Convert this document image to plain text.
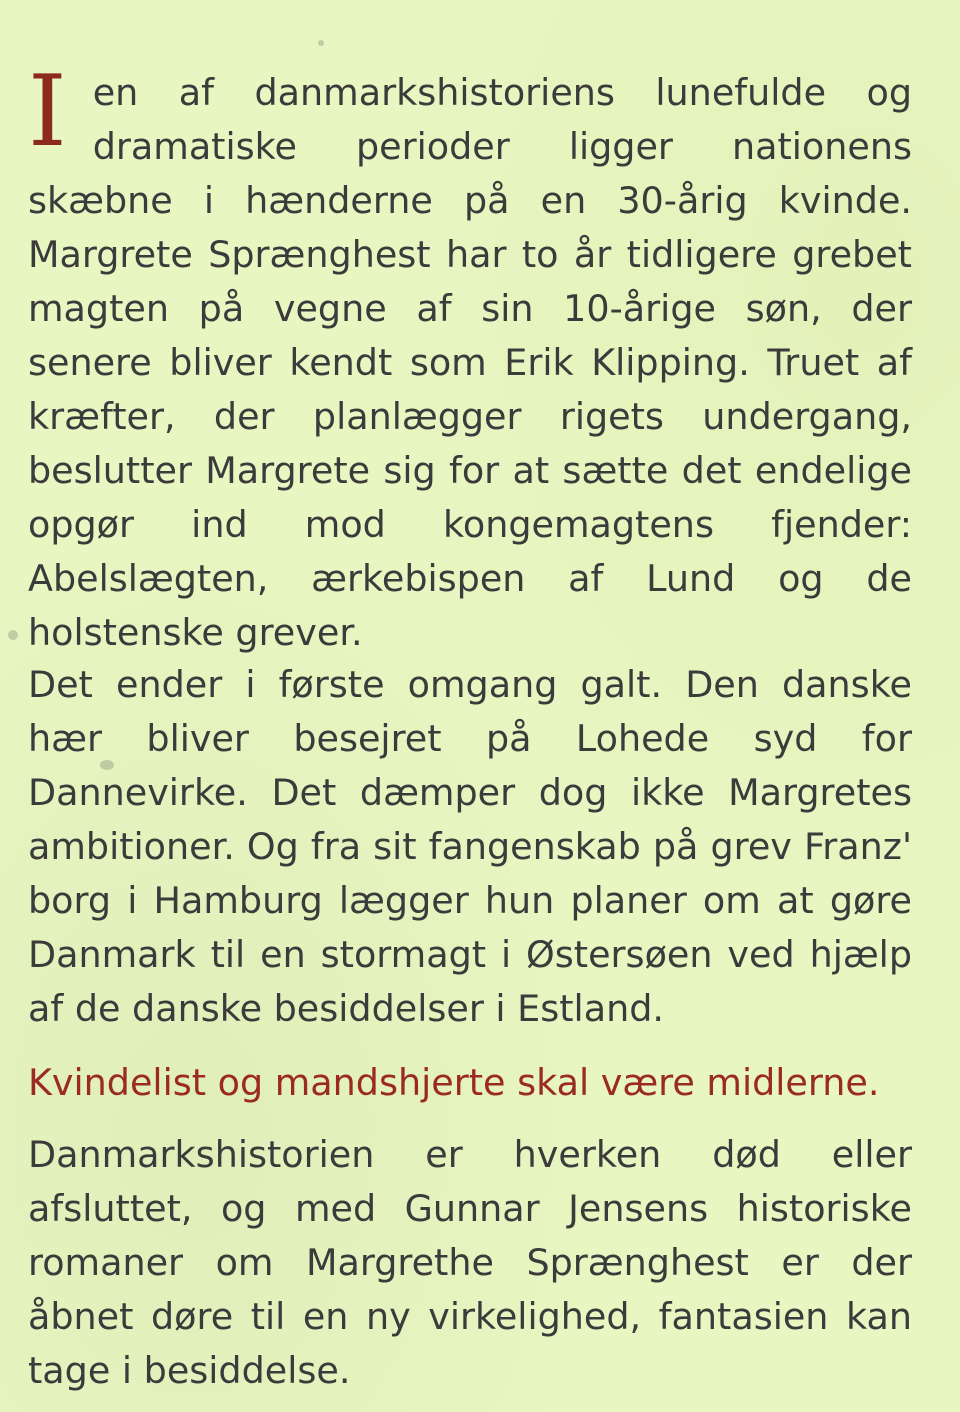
Ien af danmarkshistoriens lunefulde og dramatiske perioder ligger nationens skæbne i hænderne på en 30-årig kvinde. Margrete Sprænghest har to år tidligere grebet magten på vegne af sin 10-årige søn, der senere bliver kendt som Erik Klipping. Truet af kræfter, der planlægger rigets undergang, beslutter Margrete sig for at sætte det endelige opgør ind mod kongemagtens fjender: Abelslægten, ærkebispen af Lund og de holstenske grever.

Det ender i første omgang galt. Den danske hær bliver besejret på Lohede syd for Dannevirke. Det dæmper dog ikke Margretes ambitioner. Og fra sit fangenskab på grev Franz' borg i Hamburg lægger hun planer om at gøre Danmark til en stormagt i Østersøen ved hjælp af de danske besiddelser i Estland.

Kvindelist og mandshjerte skal være midlerne.

Danmarkshistorien er hverken død eller afsluttet, og med Gunnar Jensens historiske romaner om Margrethe Sprænghest er der åbnet døre til en ny virkelighed, fantasien kan tage i besiddelse.
